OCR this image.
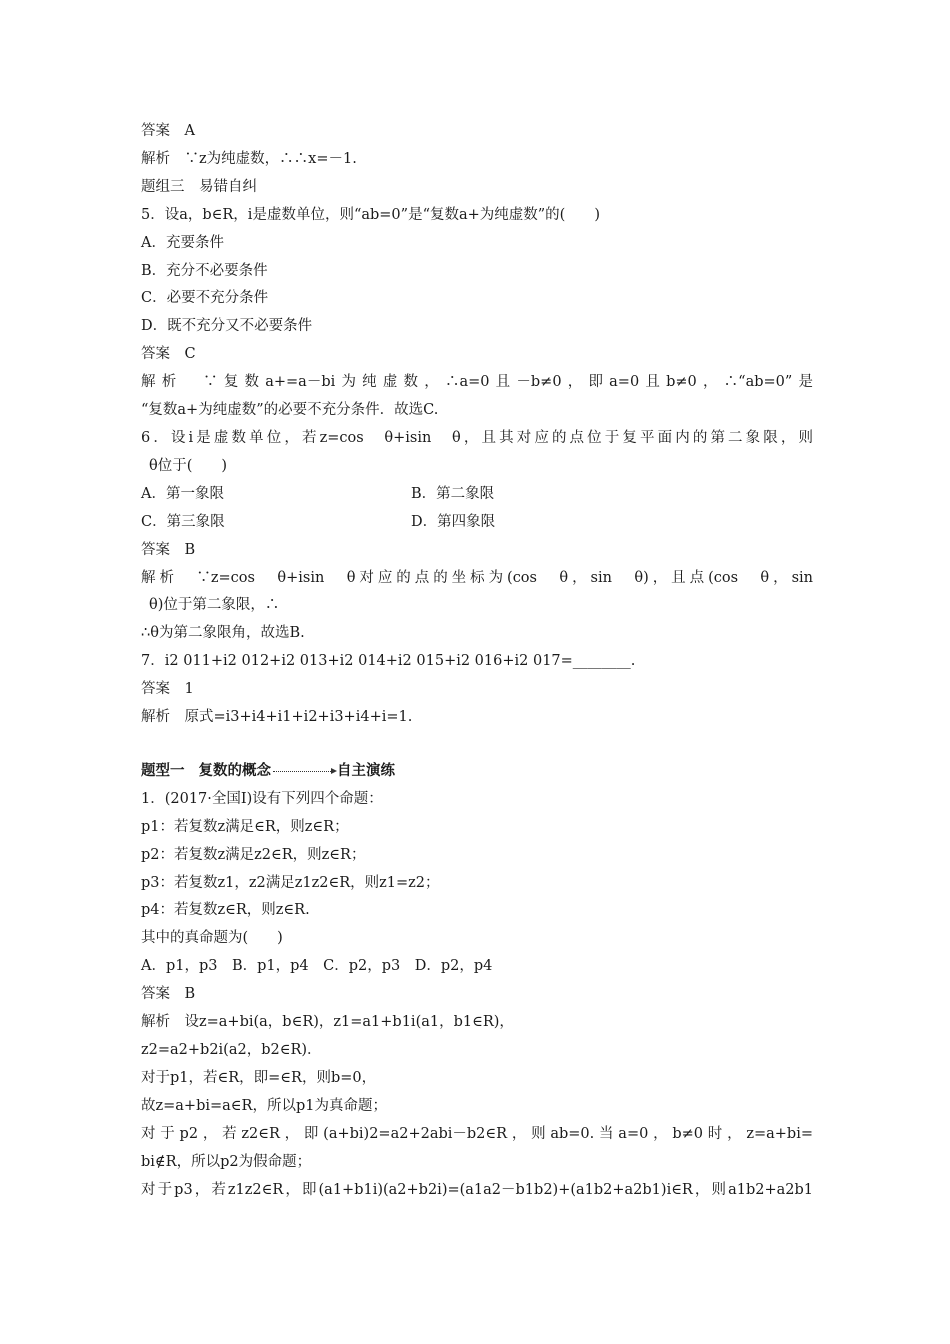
答案　A
解析　∵z为纯虚数，∴∴x=－1.
题组三　易错自纠
5．设a，b∈R，i是虚数单位，则“ab=0”是“复数a+为纯虚数”的(　　)
A．充要条件
B．充分不必要条件
C．必要不充分条件
D．既不充分又不必要条件
答案　C
解析　∵复数a+=a－bi为纯虚数，∴a=0且－b≠0，即a=0且b≠0，∴“ab=0”是
“复数a+为纯虚数”的必要不充分条件．故选C.
6．设i是虚数单位，若z=cos　θ+isin　θ，且其对应的点位于复平面内的第二象限，则
θ位于(　　)
A．第一象限	B．第二象限
C．第三象限	D．第四象限
答案　B
解析　∵z=cos　θ+isin　θ对应的点的坐标为(cos　θ，sin　θ)，且点(cos　θ，sin
θ)位于第二象限，∴
∴θ为第二象限角，故选B.
7．i2 011+i2 012+i2 013+i2 014+i2 015+i2 016+i2 017=________.
答案　1
解析　原式=i3+i4+i1+i2+i3+i4+i=1.
题型一 复数的概念	自主演练
1．(2017·全国Ⅰ)设有下列四个命题：
p1：若复数z满足∈R，则z∈R；
p2：若复数z满足z2∈R，则z∈R；
p3：若复数z1，z2满足z1z2∈R，则z1=z2；
p4：若复数z∈R，则z∈R.
其中的真命题为(　　)
A．p1，p3　B．p1，p4　C．p2，p3　D．p2，p4
答案　B
解析　设z=a+bi(a，b∈R)，z1=a1+b1i(a1，b1∈R)，
z2=a2+b2i(a2，b2∈R)．
对于p1，若∈R，即=∈R，则b=0，
故z=a+bi=a∈R，所以p1为真命题；
对于p2，若z2∈R，即(a+bi)2=a2+2abi－b2∈R，则ab=0.当a=0，b≠0时，z=a+bi=
bi∉R，所以p2为假命题；
对于p3，若z1z2∈R，即(a1+b1i)(a2+b2i)=(a1a2－b1b2)+(a1b2+a2b1)i∈R，则a1b2+a2b1
